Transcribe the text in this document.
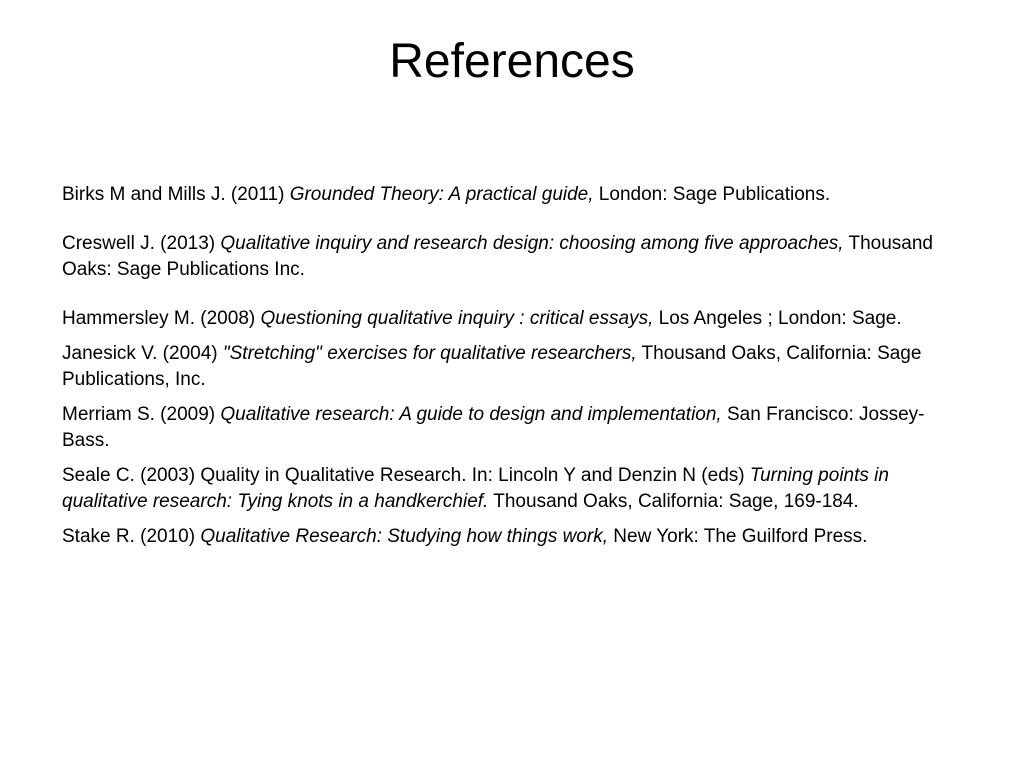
References
Birks M and Mills J. (2011) Grounded Theory: A practical guide, London: Sage Publications.
Creswell J. (2013) Qualitative inquiry and research design: choosing among five approaches, Thousand Oaks: Sage Publications Inc.
Hammersley M. (2008) Questioning qualitative inquiry : critical essays, Los Angeles ; London: Sage.
Janesick V. (2004) "Stretching" exercises for qualitative researchers, Thousand Oaks, California: Sage Publications, Inc.
Merriam S. (2009) Qualitative research: A guide to design and implementation, San Francisco: Jossey-Bass.
Seale C. (2003) Quality in Qualitative Research. In: Lincoln Y and Denzin N (eds) Turning points in qualitative research: Tying knots in a handkerchief. Thousand Oaks, California: Sage, 169-184.
Stake R. (2010) Qualitative Research: Studying how things work, New York: The Guilford Press.
